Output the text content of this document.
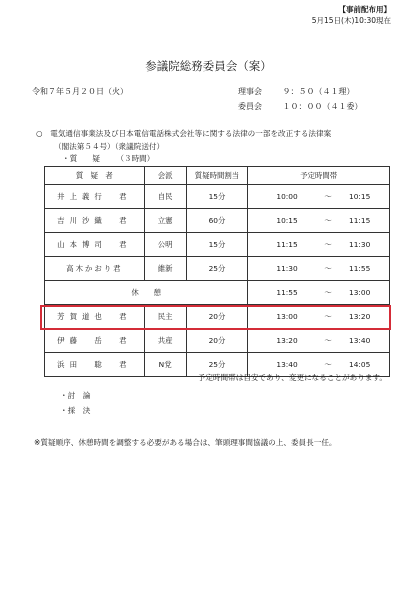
【事前配布用】
5月15日(木)10:30現在
参議院総務委員会（案）
令和７年５月２０日（火）	理事会	９：５０（４１理）
委員会	１０：００（４１委）
○　 電気通信事業法及び日本電信電話株式会社等に関する法律の一部を改正する法律案
（閣法第５４号）（衆議院送付）
・質　　疑 （３時間）
質　疑　者	会派	質疑時間割当	予定時間帯
井上義行　君	自民	15分	10:00 ～ 10:15
吉川沙織　君	立憲	60分	10:15 ～ 11:15
山本博司　君	公明	15分	11:15 ～ 11:30
高木かおり君	維新	25分	11:30 ～ 11:55
休　　憩			11:55 ～ 13:00
芳賀道也　君	民主	20分	13:00 ～ 13:20
伊藤　岳　君	共産	20分	13:20 ～ 13:40
浜田　聡　君	N党	25分	13:40 ～ 14:05
予定時間帯は目安であり、変更になることがあります。
・討　論
・採　決
※質疑順序、休憩時間を調整する必要がある場合は、筆頭理事間協議の上、委員長一任。
